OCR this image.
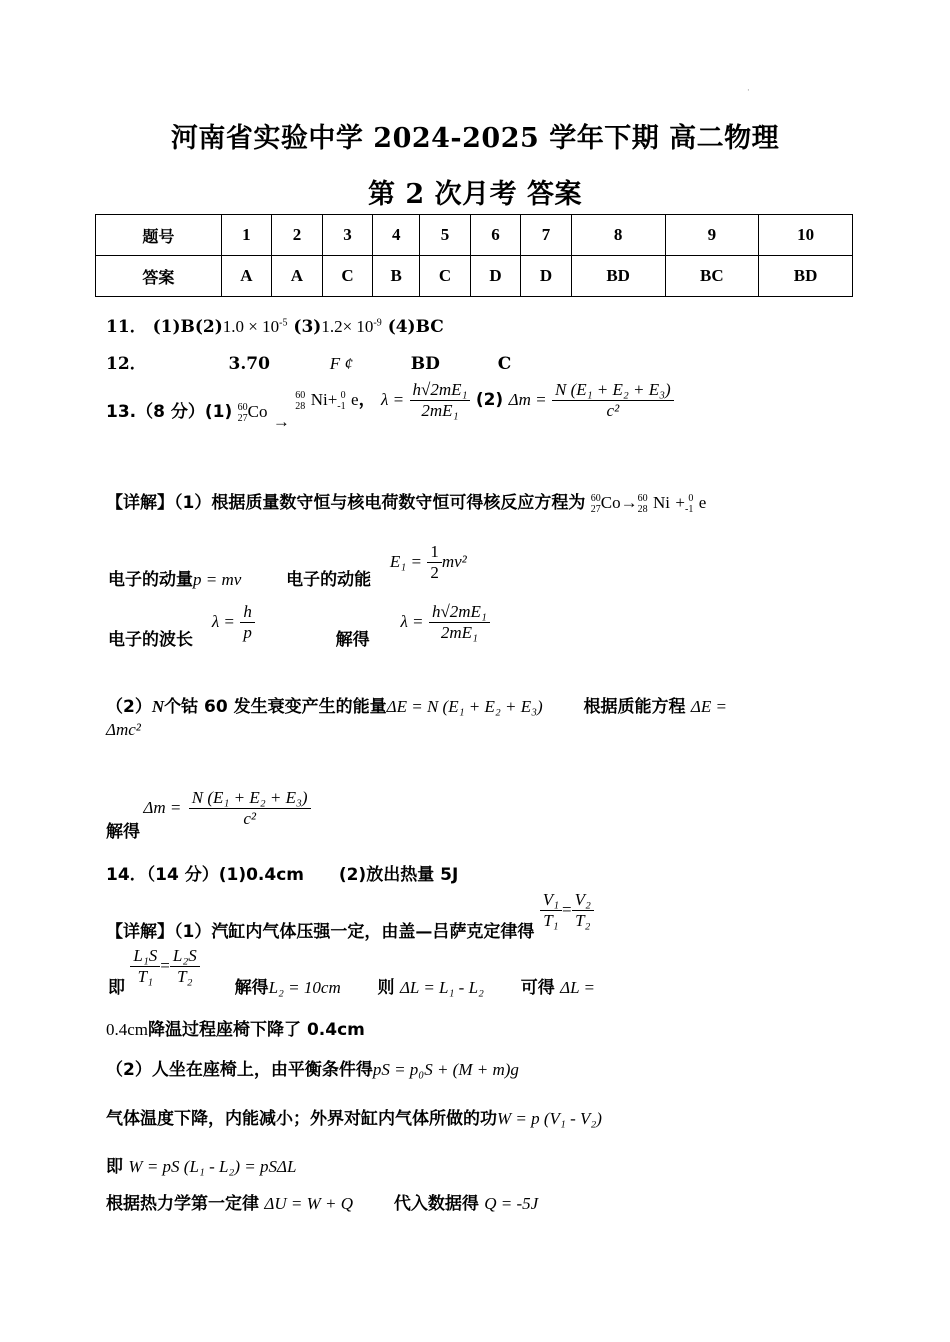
·
河南省实验中学 2024-2025 学年下期 高二物理
第 2 次月考 答案
题号	1	2	3	4	5	6	7	8	9	10
答案	A	A	C	B	C	D	D	BD	BC	BD
11． $(1)B(2)1.0 \times 10^{-5}$ $(3)1.2\times 10^{-9}$ (4)BC
12．	3.70	F ¢	BD	C
13.（8 分）(1) 60
27Co → 60
28 Ni+ 0
-1 e， $\lambda = \frac{\text{h√2mE₁}}{\text{2mE₁}} (2) \Delta m = \frac{\text{N (E₁ + E₂ + E₃)}}{\text{c²}}$
【详解】（1）根据质量数守恒与核电荷数守恒可得核反应方程为 60
27Co→60
28 Ni + 0
-1 e
电子的动量p = mv	电子的动能  $E_1 = \frac{1}{2} mv^2$
电子的波长  $\lambda = \frac{h}{p}$	解得  $\lambda = \frac{\text{h√2mE₁}}{\text{2mE₁}}$
（2）N个钴 60 发生衰变产生的能量ΔE = N (E₁ + E₂ + E₃) 根据质能方程 ΔE =
Δmc²
解得 $\Delta m = \frac{\text{N (E₁ + E₂ + E₃)}}{\text{c²}}$
14．（14 分）(1)0.4cm (2)放出热量 5J
【详解】（1）汽缸内气体压强一定，由盖—吕萨克定律得
$\frac{\text{V₁}}{\text{T₁}} = \frac{\text{V₂}}{\text{T₂}}$
即
$\frac{\text{L₁S}}{\text{T₁}} = \frac{\text{L₂S}}{\text{T₂}}$
解得L₂ = 10cm 则 ΔL = L₁ - L₂ 可得 ΔL =
0.4cm降温过程座椅下降了 0.4cm
（2）人坐在座椅上，由平衡条件得pS = p₀S + (M + m)g
气体温度下降，内能减小；外界对缸内气体所做的功W = p (V₁ - V₂)
即 W = pS (L₁ - L₂) = pSΔL
根据热力学第一定律 ΔU = W + Q 代入数据得 Q = -5J
